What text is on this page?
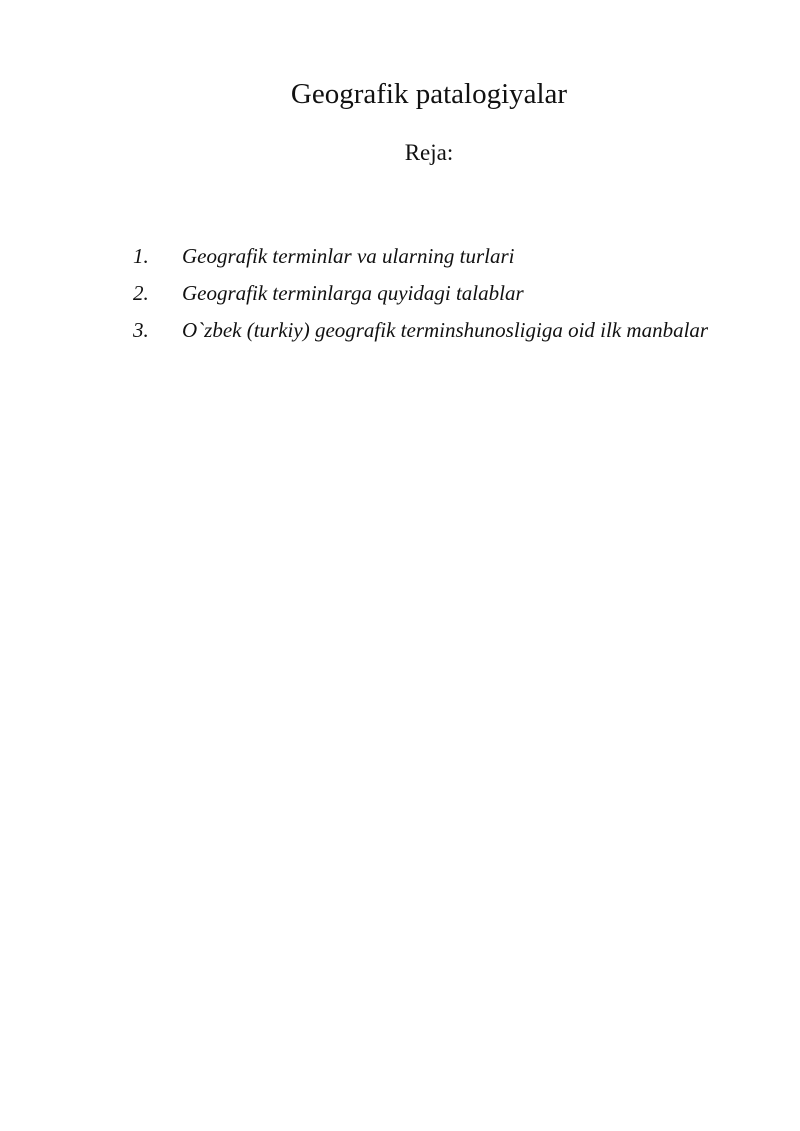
Geografik patalogiyalar

Reja:

1.	Geografik terminlar va ularning turlari
2.	Geografik terminlarga quyidagi talablar
3.	O`zbek (turkiy) geografik terminshunosligiga oid ilk manbalar
